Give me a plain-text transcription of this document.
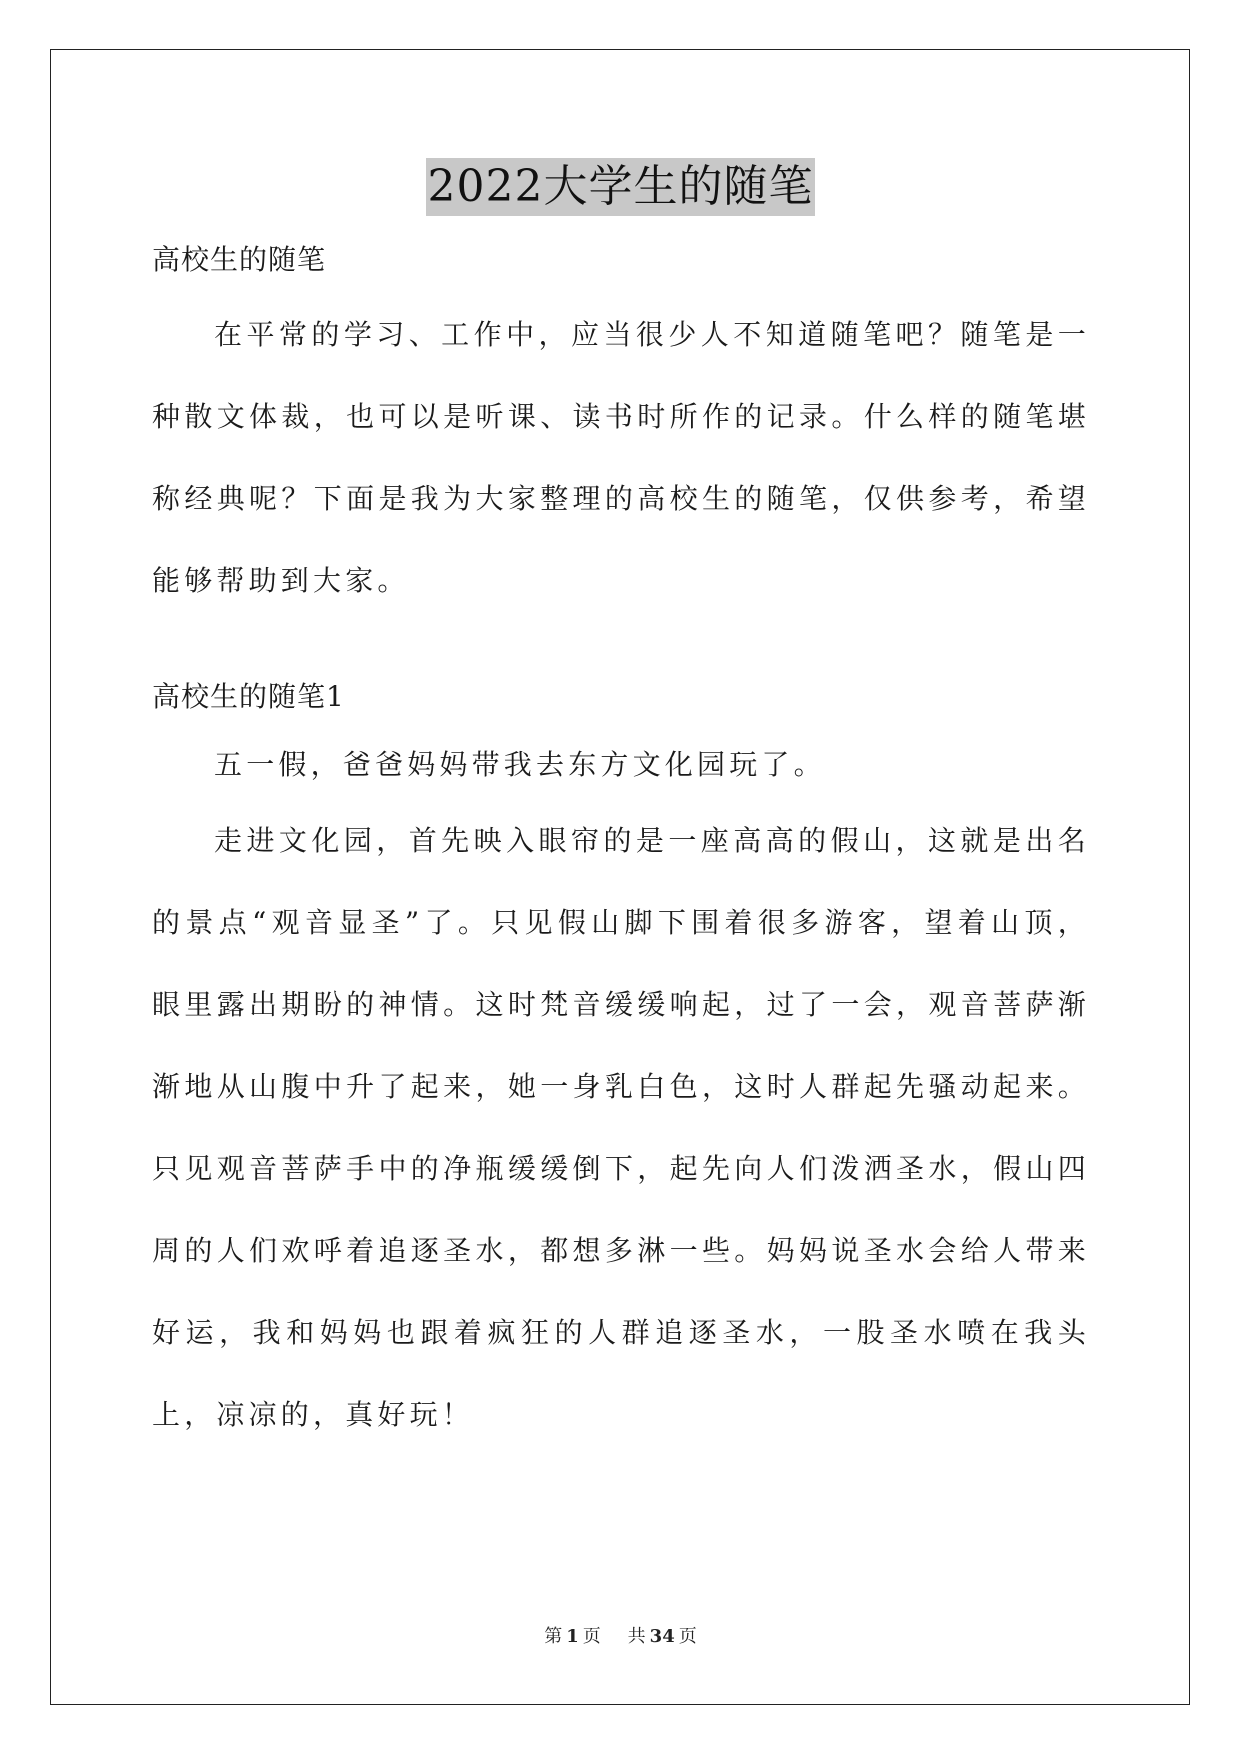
2022大学生的随笔
高校生的随笔
在平常的学习、工作中，应当很少人不知道随笔吧？随笔是一种散文体裁，也可以是听课、读书时所作的记录。什么样的随笔堪称经典呢？下面是我为大家整理的高校生的随笔，仅供参考，希望能够帮助到大家。
高校生的随笔1
五一假，爸爸妈妈带我去东方文化园玩了。
走进文化园，首先映入眼帘的是一座高高的假山，这就是出名的景点“观音显圣”了。只见假山脚下围着很多游客，望着山顶，眼里露出期盼的神情。这时梵音缓缓响起，过了一会，观音菩萨渐渐地从山腹中升了起来，她一身乳白色，这时人群起先骚动起来。只见观音菩萨手中的净瓶缓缓倒下，起先向人们泼洒圣水，假山四周的人们欢呼着追逐圣水，都想多淋一些。妈妈说圣水会给人带来好运，我和妈妈也跟着疯狂的人群追逐圣水，一股圣水喷在我头上，凉凉的，真好玩！
第 1 页 共 34 页
